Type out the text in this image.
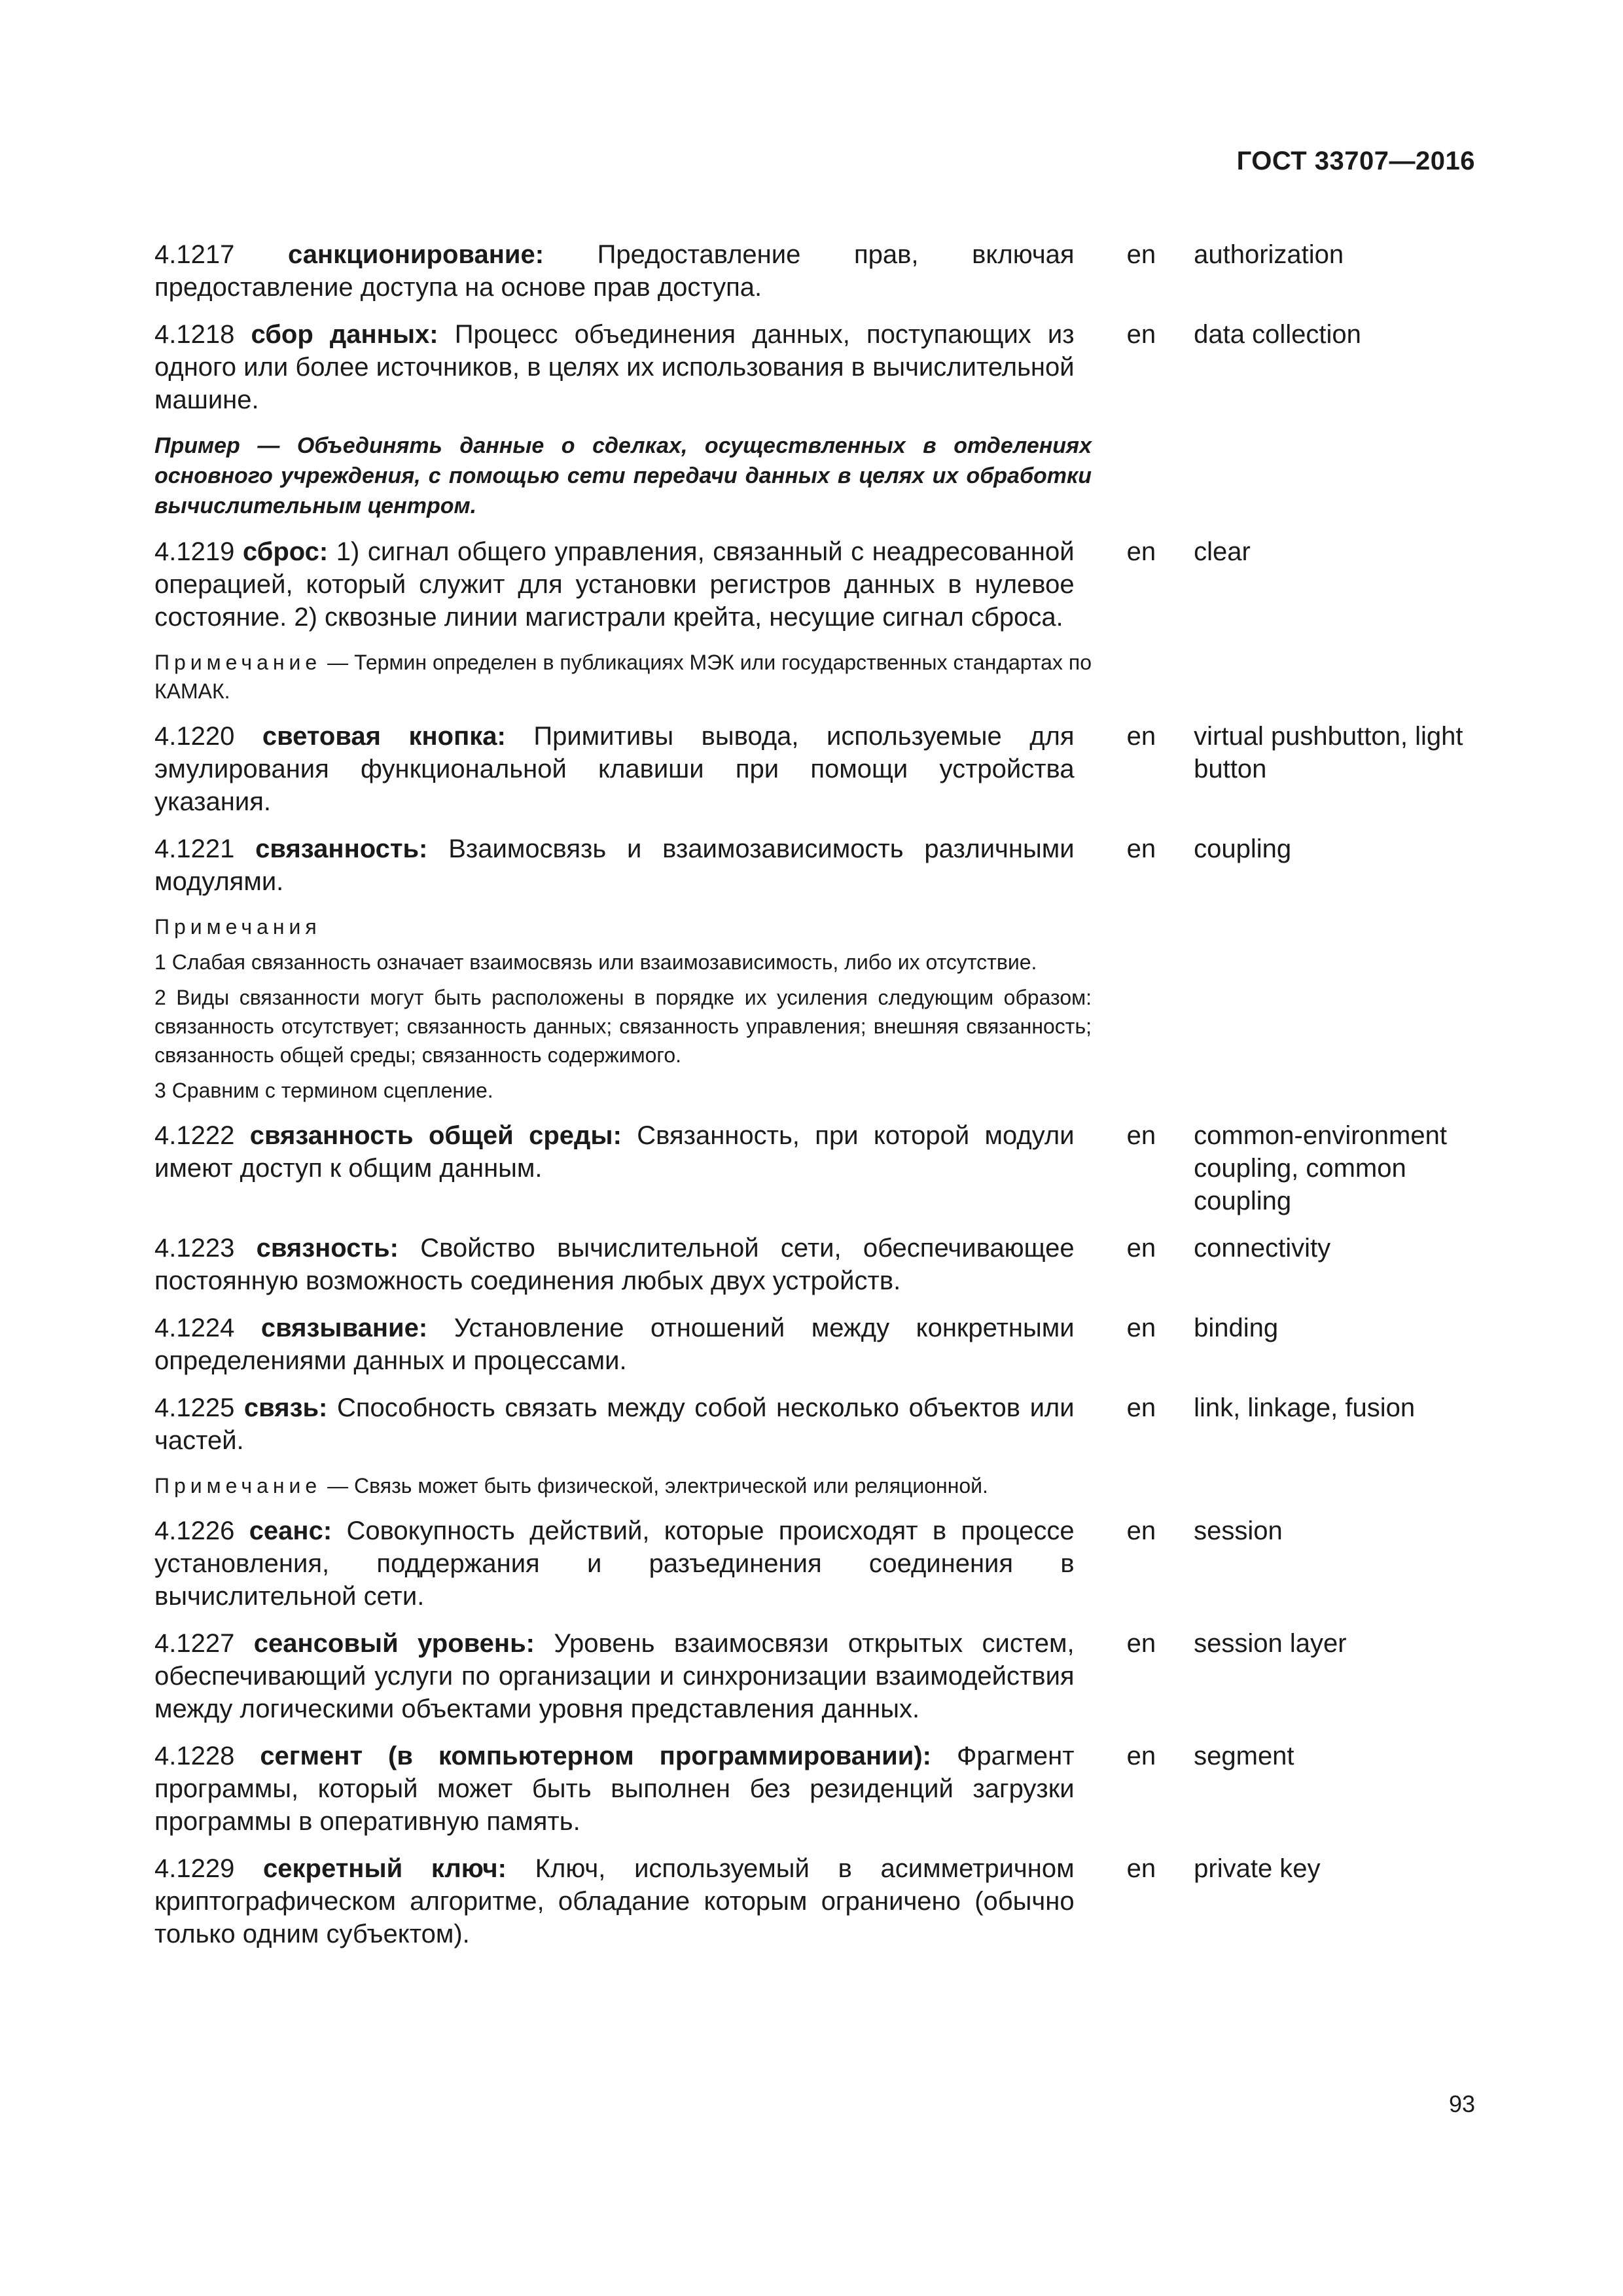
ГОСТ 33707—2016
4.1217 санкционирование: Предоставление прав, включая предоставление доступа на основе прав доступа.
en	authorization
4.1218 сбор данных: Процесс объединения данных, поступающих из одного или более источников, в целях их использования в вычислительной машине.
en	data collection
Пример — Объединять данные о сделках, осуществленных в отделениях основного учреждения, с помощью сети передачи данных в целях их обработки вычислительным центром.
4.1219 сброс: 1) сигнал общего управления, связанный с неадресованной операцией, который служит для установки регистров данных в нулевое состояние. 2) сквозные линии магистрали крейта, несущие сигнал сброса.
en	clear
Примечание — Термин определен в публикациях МЭК или государственных стандартах по КАМАК.
4.1220 световая кнопка: Примитивы вывода, используемые для эмулирования функциональной клавиши при помощи устройства указания.
en	virtual pushbutton, light button
4.1221 связанность: Взаимосвязь и взаимозависимость различными модулями.
en	coupling
Примечания
1 Слабая связанность означает взаимосвязь или взаимозависимость, либо их отсутствие.
2 Виды связанности могут быть расположены в порядке их усиления следующим образом: связанность отсутствует; связанность данных; связанность управления; внешняя связанность; связанность общей среды; связанность содержимого.
3 Сравним с термином сцепление.
4.1222 связанность общей среды: Связанность, при которой модули имеют доступ к общим данным.
en	common-environment coupling, common coupling
4.1223 связность: Свойство вычислительной сети, обеспечивающее постоянную возможность соединения любых двух устройств.
en	connectivity
4.1224 связывание: Установление отношений между конкретными определениями данных и процессами.
en	binding
4.1225 связь: Способность связать между собой несколько объектов или частей.
en	link, linkage, fusion
Примечание — Связь может быть физической, электрической или реляционной.
4.1226 сеанс: Совокупность действий, которые происходят в процессе установления, поддержания и разъединения соединения в вычислительной сети.
en	session
4.1227 сеансовый уровень: Уровень взаимосвязи открытых систем, обеспечивающий услуги по организации и синхронизации взаимодействия между логическими объектами уровня представления данных.
en	session layer
4.1228 сегмент (в компьютерном программировании): Фрагмент программы, который может быть выполнен без резиденций загрузки программы в оперативную память.
en	segment
4.1229 секретный ключ: Ключ, используемый в асимметричном криптографическом алгоритме, обладание которым ограничено (обычно только одним субъектом).
en	private key
93
